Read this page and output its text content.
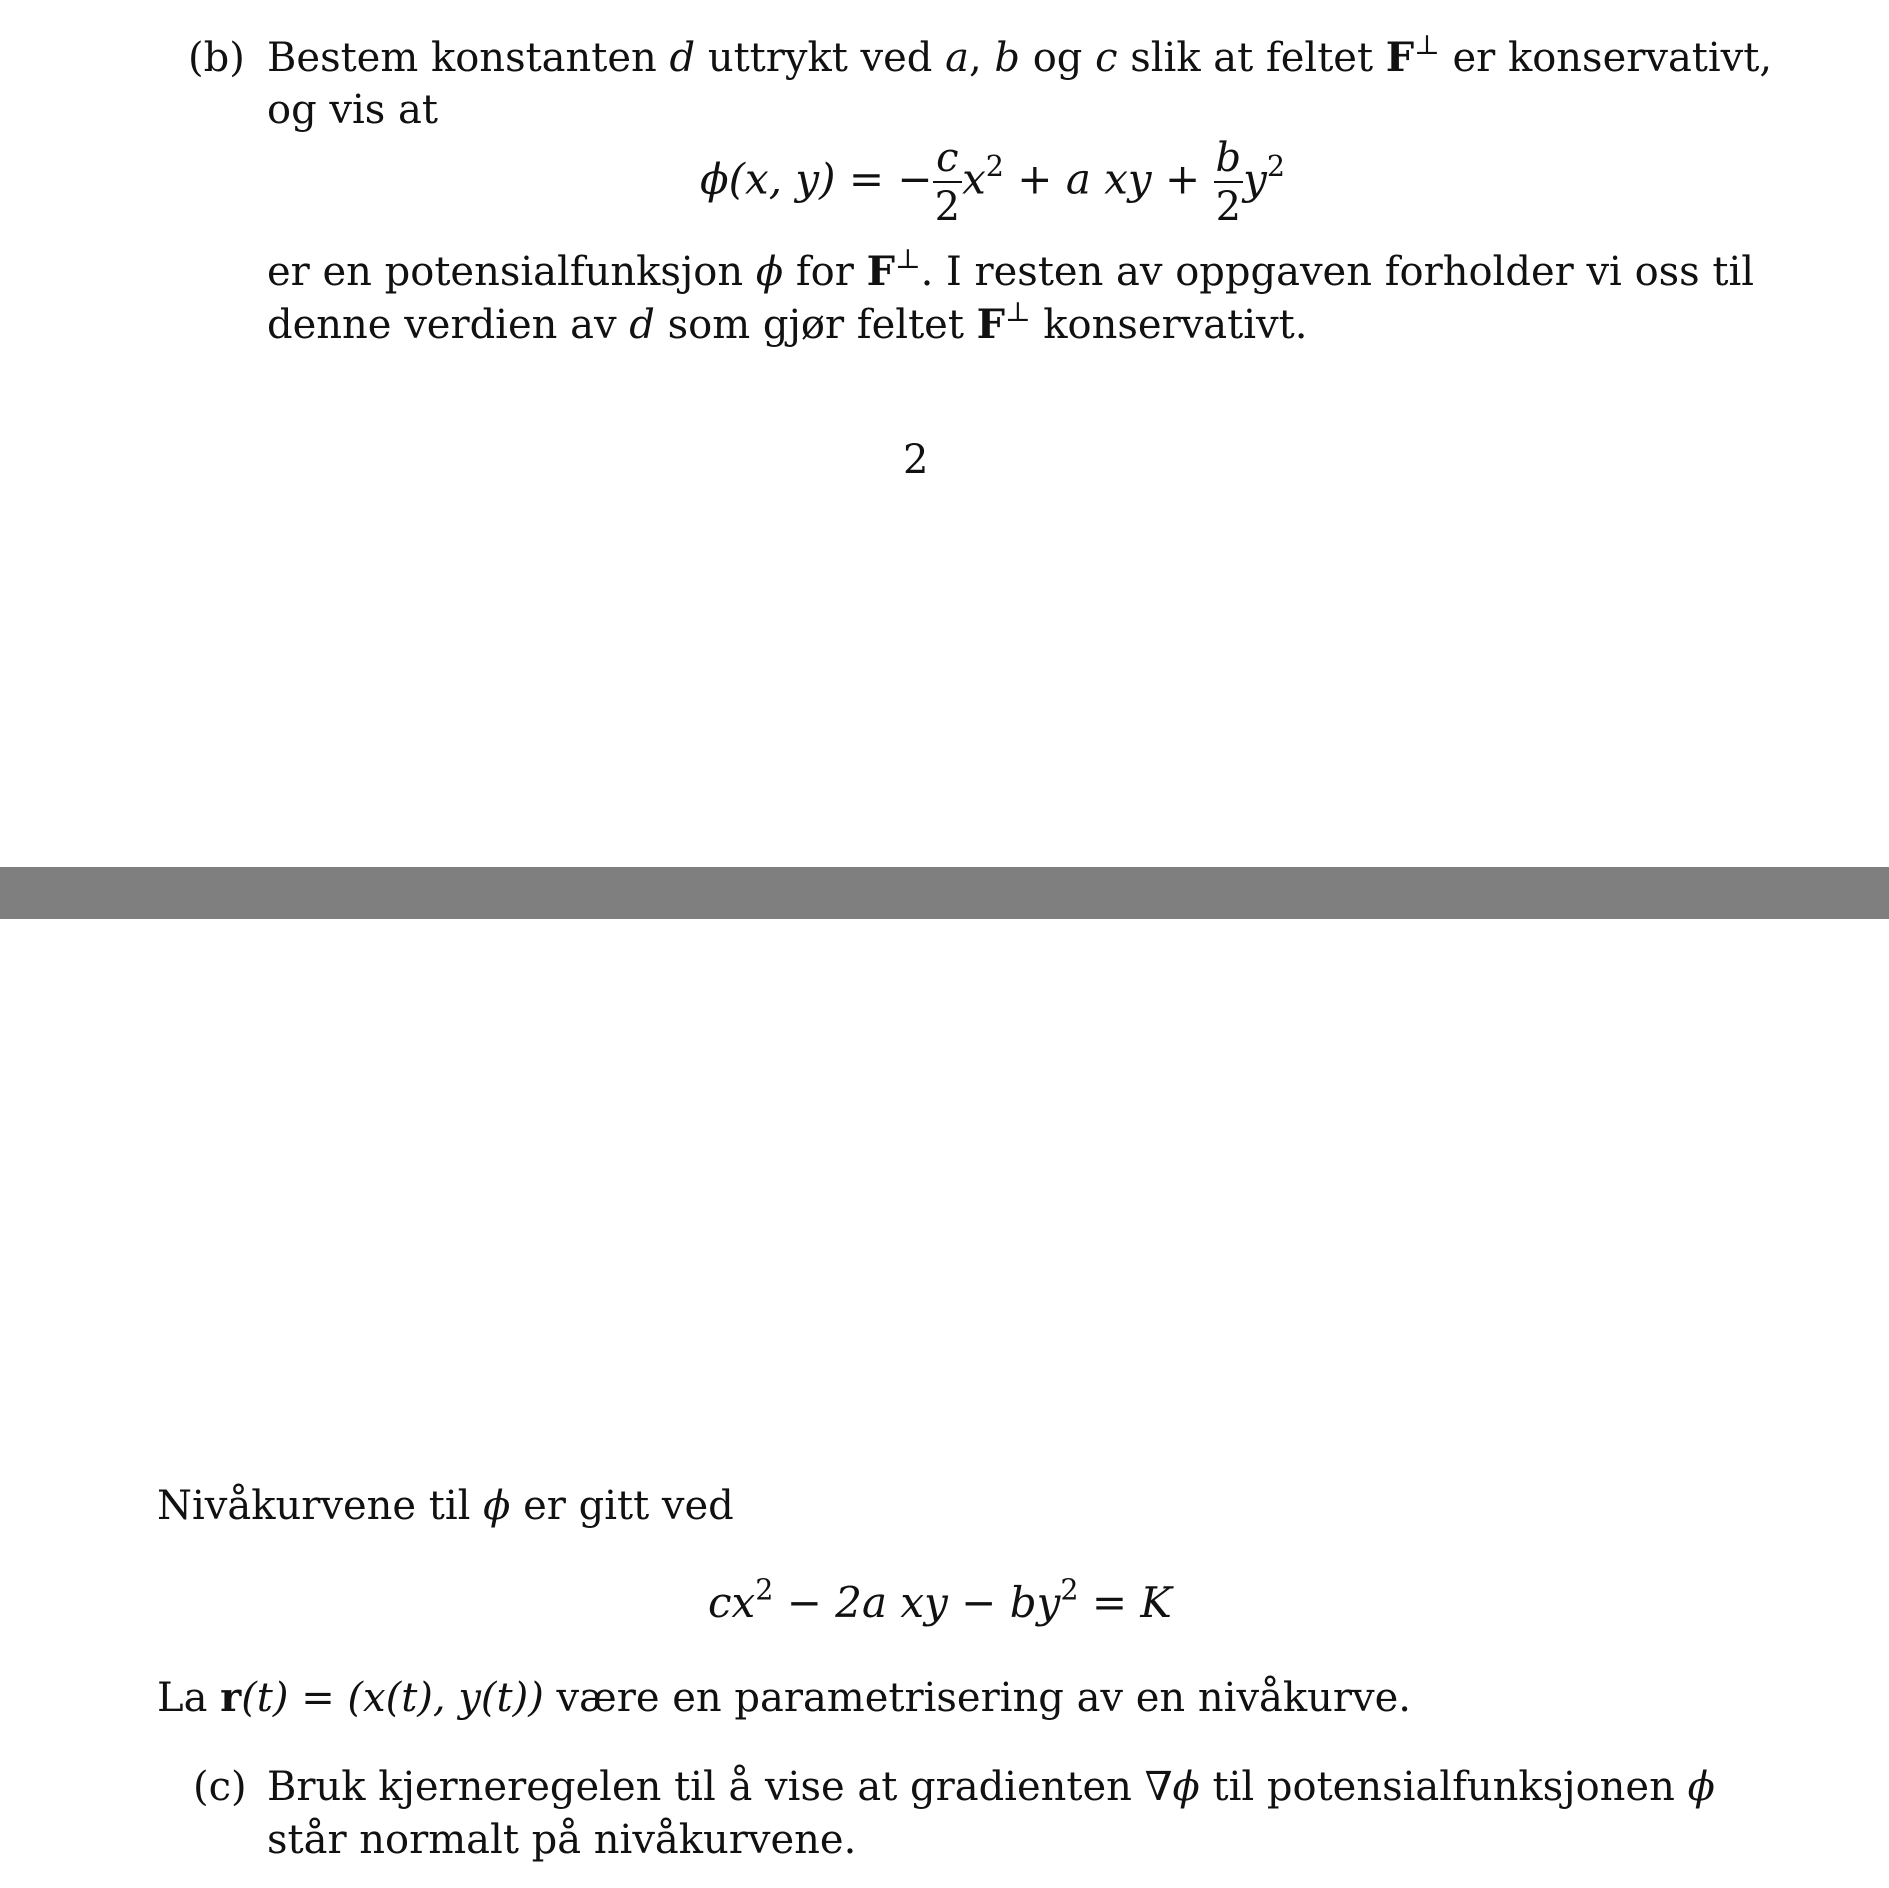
(b) Bestem konstanten d uttrykt ved a, b og c slik at feltet F⊥ er konservativt,
og vis at
ϕ(x, y) = − $\frac{c}{2} x^2 + a$ xy + $\frac{b}{2} y^2$
er en potensialfunksjon ϕ for F⊥. I resten av oppgaven forholder vi oss til
denne verdien av d som gjør feltet F⊥ konservativt.
2
Nivåkurvene til ϕ er gitt ved
$cx^2 - 2a$ xy − $by^2 = K$
La r(t) = (x(t), y(t)) være en parametrisering av en nivåkurve.
(c) Bruk kjerneregelen til å vise at gradienten ∇ϕ til potensialfunksjonen ϕ
står normalt på nivåkurvene.
